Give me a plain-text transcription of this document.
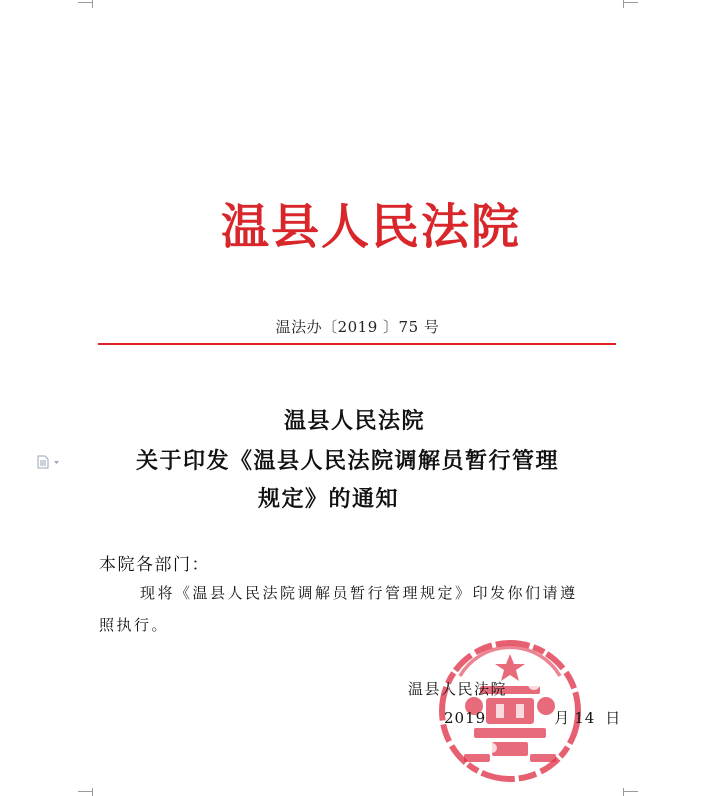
温县人民法院
温法办〔2019 〕75 号
温县人民法院
关于印发《温县人民法院调解员暂行管理
规定》的通知
本院各部门：
现将《温县人民法院调解员暂行管理规定》印发你们请遵
照执行。
温县人民法院
2019	月 14 日
